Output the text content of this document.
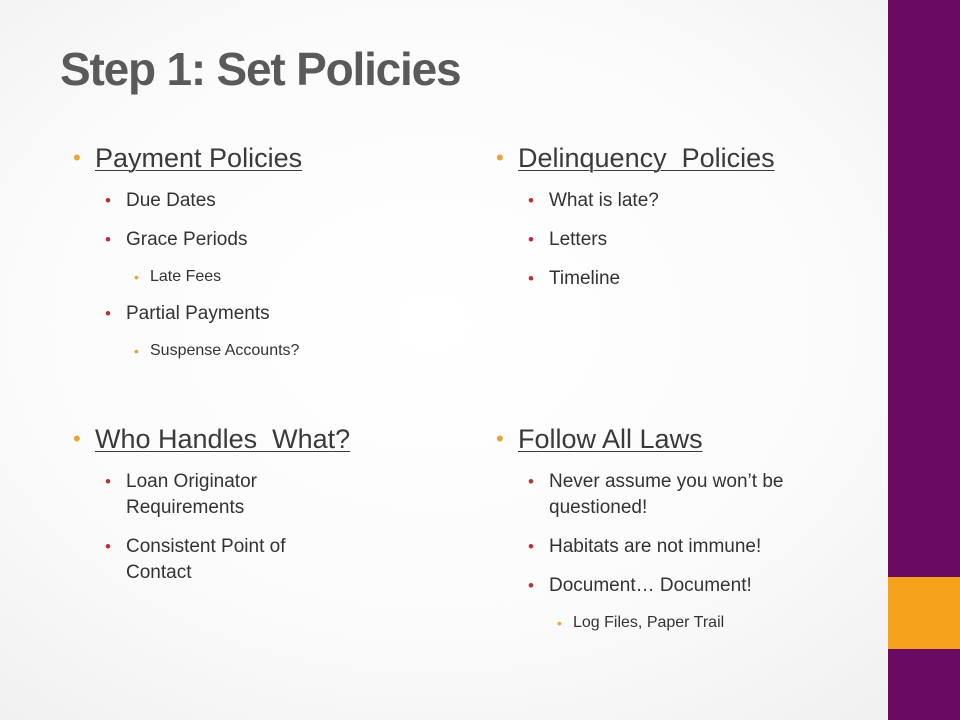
Step 1: Set Policies
• Payment Policies
• Due Dates
• Grace Periods
• Late Fees
• Partial Payments
• Suspense Accounts?
• Delinquency  Policies
• What is late?
• Letters
• Timeline
• Who Handles  What?
• Loan Originator Requirements
• Consistent Point of Contact
• Follow All Laws
• Never assume you won’t be questioned!
• Habitats are not immune!
• Document… Document!
• Log Files, Paper Trail
